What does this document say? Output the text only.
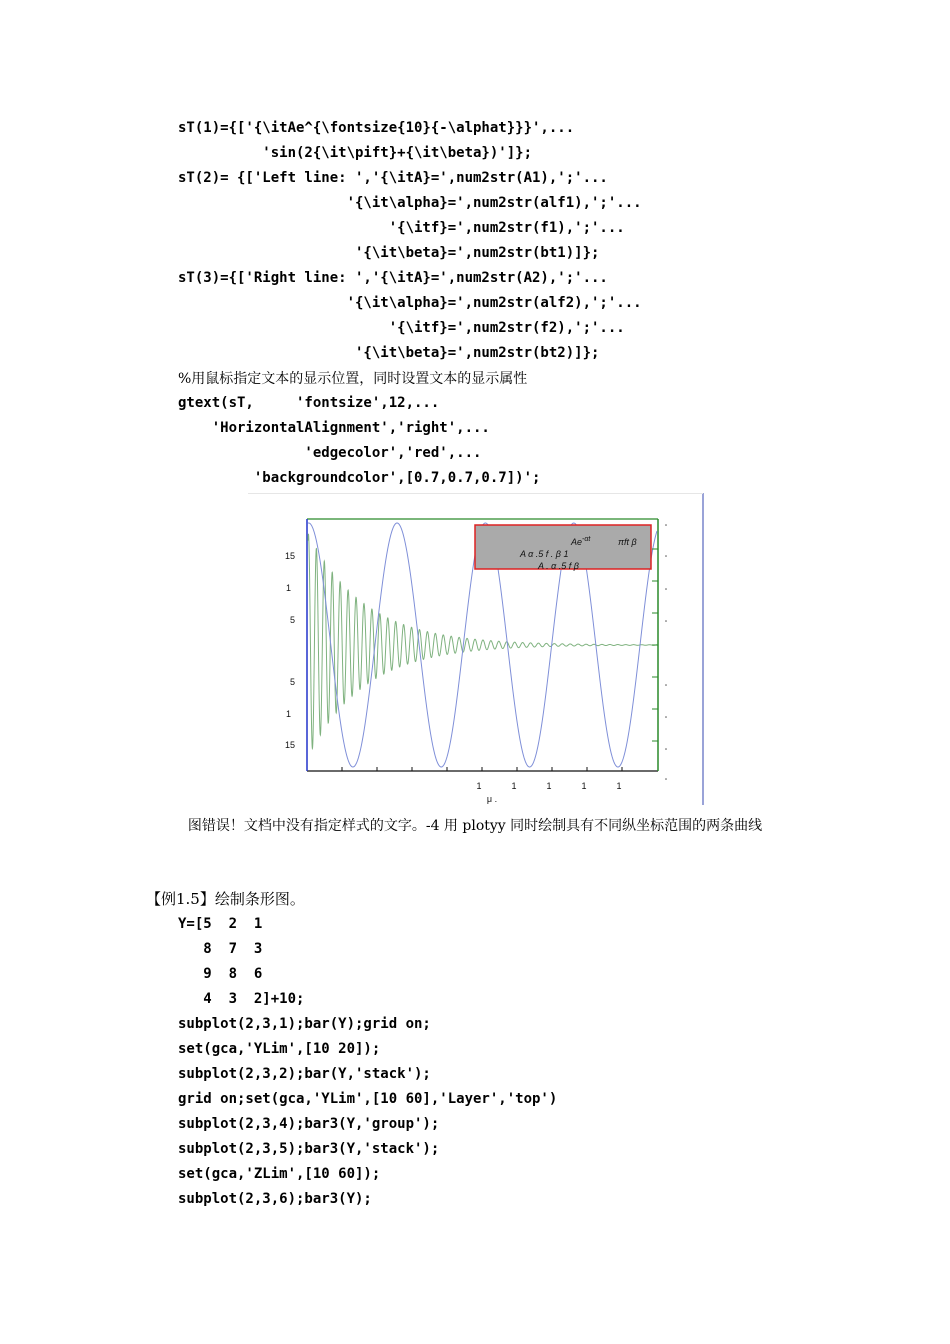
sT(1)={['{\itAe^{\fontsize{10}{-\alphat}}}',...
'sin(2{\it\pift}+{\it\beta})']};
sT(2)= {['Left line: ','{\itA}=',num2str(A1),';'...
'{\it\alpha}=',num2str(alf1),';'...
'{\itf}=',num2str(f1),';'...
'{\it\beta}=',num2str(bt1)]};
sT(3)={['Right line: ','{\itA}=',num2str(A2),';'...
'{\it\alpha}=',num2str(alf2),';'...
'{\itf}=',num2str(f2),';'...
'{\it\beta}=',num2str(bt2)]};
%用鼠标指定文本的显示位置，同时设置文本的显示属性
gtext(sT,     'fontsize',12,...
'HorizontalAlignment','right',...
'edgecolor','red',...
'backgroundcolor',[0.7,0.7,0.7])';
15
1
5
5
1
15
1	1	1	1	1
μ .
$Ae^{-\alpha t}$	πft β
A α .5 f . β 1
A . α .5 f β
图错误！文档中没有指定样式的文字。-4 用 plotyy 同时绘制具有不同纵坐标范围的两条曲线
【例1.5】绘制条形图。
Y=[5  2  1
8  7  3
9  8  6
4  3  2]+10;
subplot(2,3,1);bar(Y);grid on;
set(gca,'YLim',[10 20]);
subplot(2,3,2);bar(Y,'stack');
grid on;set(gca,'YLim',[10 60],'Layer','top')
subplot(2,3,4);bar3(Y,'group');
subplot(2,3,5);bar3(Y,'stack');
set(gca,'ZLim',[10 60]);
subplot(2,3,6);bar3(Y);
